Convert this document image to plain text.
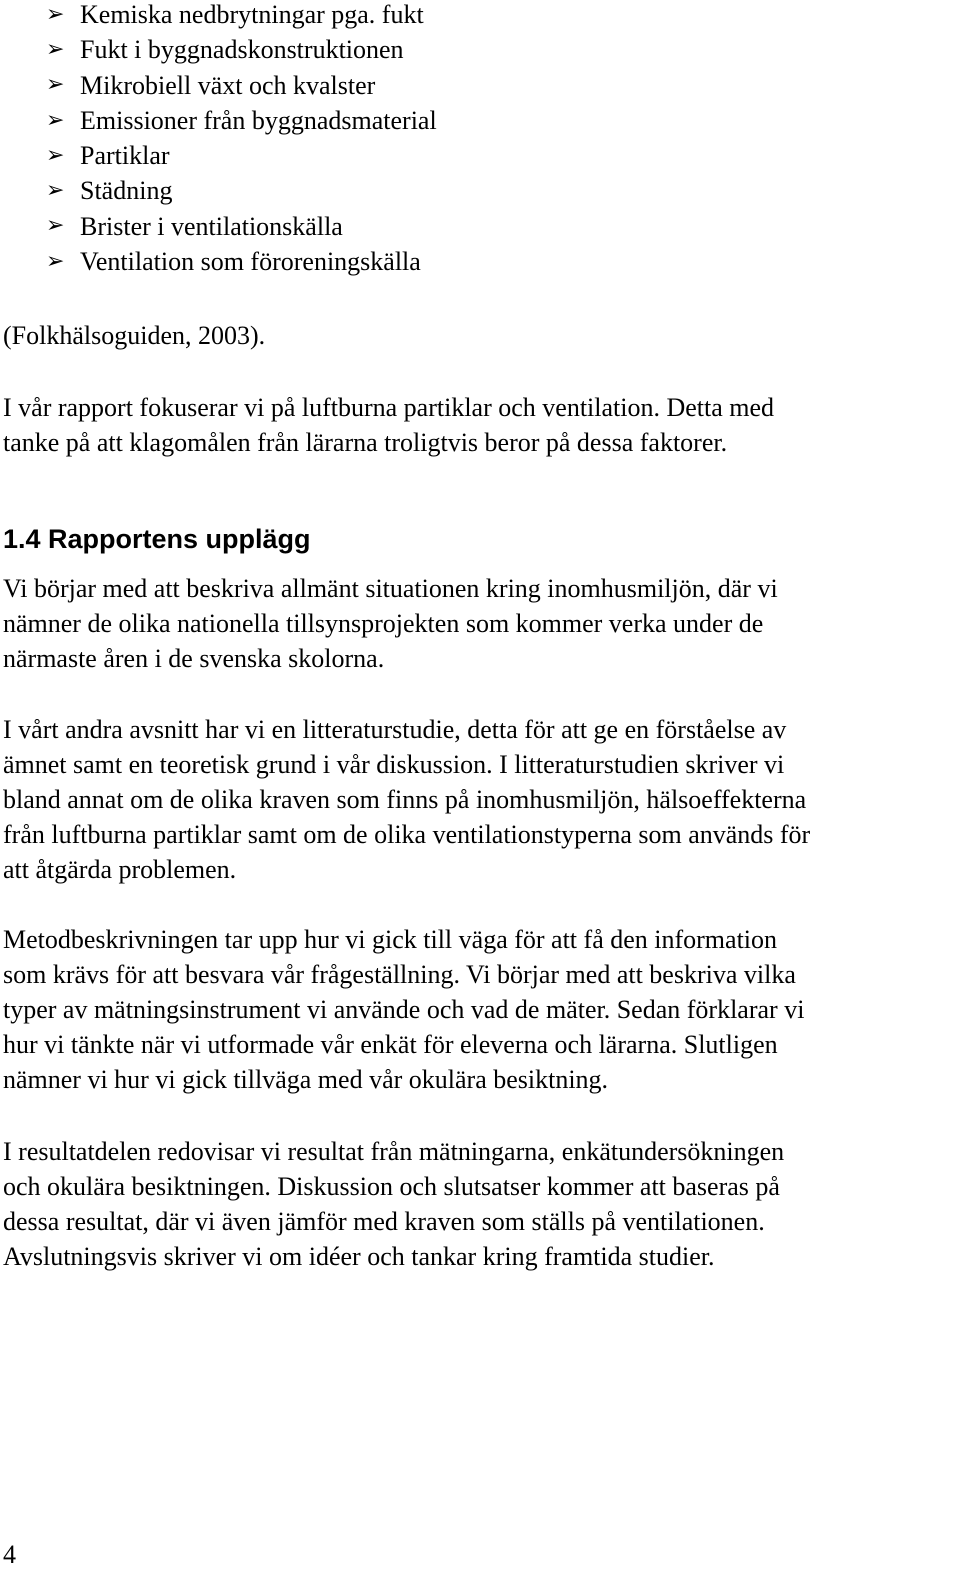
➢ Kemiska nedbrytningar pga. fukt
➢ Fukt i byggnadskonstruktionen
➢ Mikrobiell växt och kvalster
➢ Emissioner från byggnadsmaterial
➢ Partiklar
➢ Städning
➢ Brister i ventilationskälla
➢ Ventilation som föroreningskälla

(Folkhälsoguiden, 2003).

I vår rapport fokuserar vi på luftburna partiklar och ventilation. Detta med
tanke på att klagomålen från lärarna troligtvis beror på dessa faktorer.

1.4 Rapportens upplägg

Vi börjar med att beskriva allmänt situationen kring inomhusmiljön, där vi
nämner de olika nationella tillsynsprojekten som kommer verka under de
närmaste åren i de svenska skolorna.

I vårt andra avsnitt har vi en litteraturstudie, detta för att ge en förståelse av
ämnet samt en teoretisk grund i vår diskussion. I litteraturstudien skriver vi
bland annat om de olika kraven som finns på inomhusmiljön, hälsoeffekterna
från luftburna partiklar samt om de olika ventilationstyperna som används för
att åtgärda problemen.

Metodbeskrivningen tar upp hur vi gick till väga för att få den information
som krävs för att besvara vår frågeställning. Vi börjar med att beskriva vilka
typer av mätningsinstrument vi använde och vad de mäter. Sedan förklarar vi
hur vi tänkte när vi utformade vår enkät för eleverna och lärarna. Slutligen
nämner vi hur vi gick tillväga med vår okulära besiktning.

I resultatdelen redovisar vi resultat från mätningarna, enkätundersökningen
och okulära besiktningen. Diskussion och slutsatser kommer att baseras på
dessa resultat, där vi även jämför med kraven som ställs på ventilationen.
Avslutningsvis skriver vi om idéer och tankar kring framtida studier.

4
